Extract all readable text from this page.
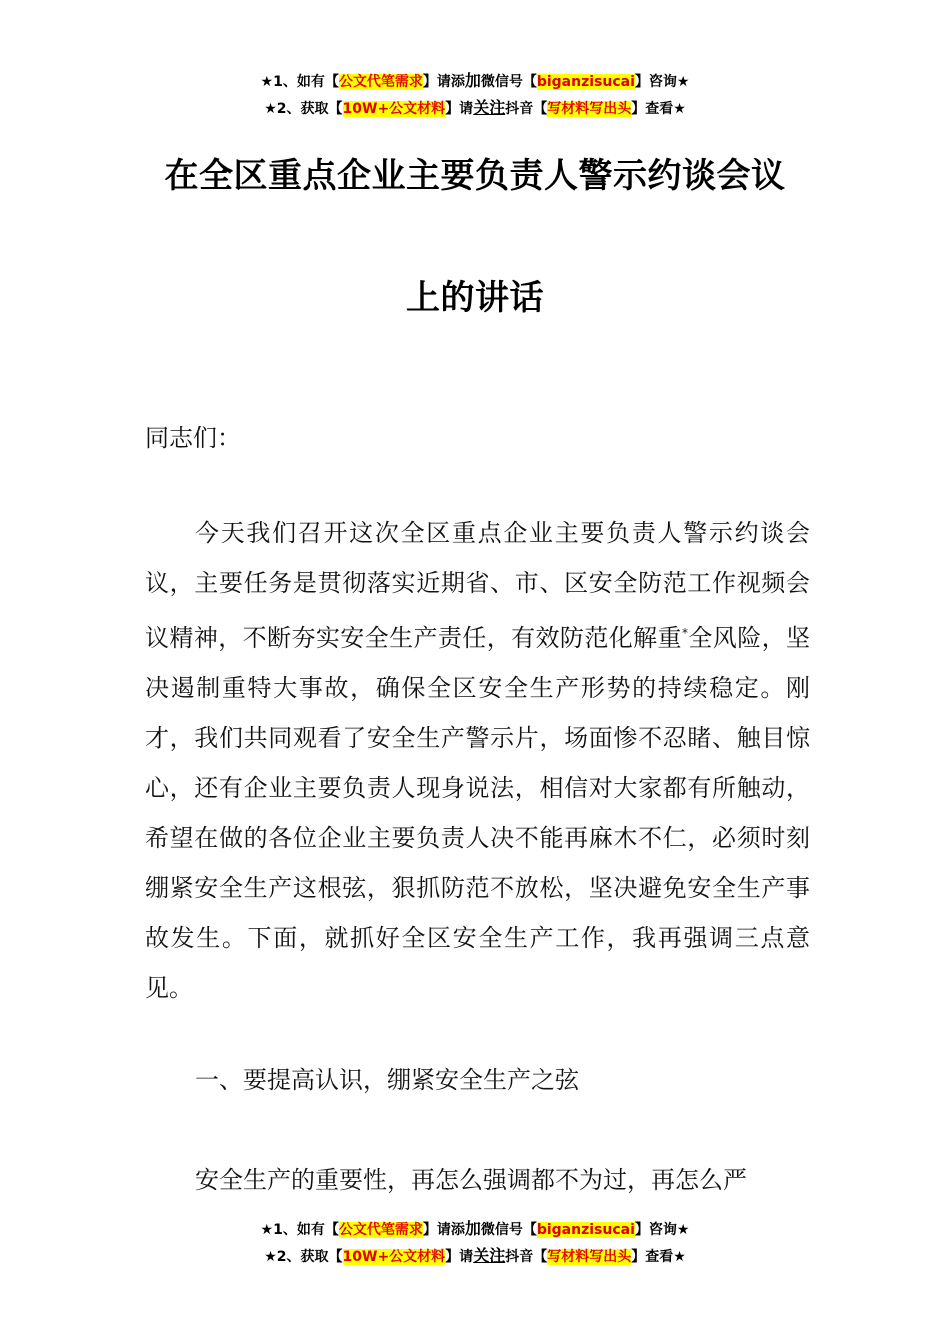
★1、如有【公文代笔需求】请添加微信号【biganzisucai】咨询★
★2、获取【10W+公文材料】请关注抖音【写材料写出头】查看★
在全区重点企业主要负责人警示约谈会议
上的讲话
同志们：
今天我们召开这次全区重点企业主要负责人警示约谈会议，主要任务是贯彻落实近期省、市、区安全防范工作视频会议精神，不断夯实安全生产责任，有效防范化解重*全风险，坚决遏制重特大事故，确保全区安全生产形势的持续稳定。刚才，我们共同观看了安全生产警示片，场面惨不忍睹、触目惊心，还有企业主要负责人现身说法，相信对大家都有所触动，希望在做的各位企业主要负责人决不能再麻木不仁，必须时刻绷紧安全生产这根弦，狠抓防范不放松，坚决避免安全生产事故发生。下面，就抓好全区安全生产工作，我再强调三点意见。
一、要提高认识，绷紧安全生产之弦
安全生产的重要性，再怎么强调都不为过，再怎么严
★1、如有【公文代笔需求】请添加微信号【biganzisucai】咨询★
★2、获取【10W+公文材料】请关注抖音【写材料写出头】查看★
